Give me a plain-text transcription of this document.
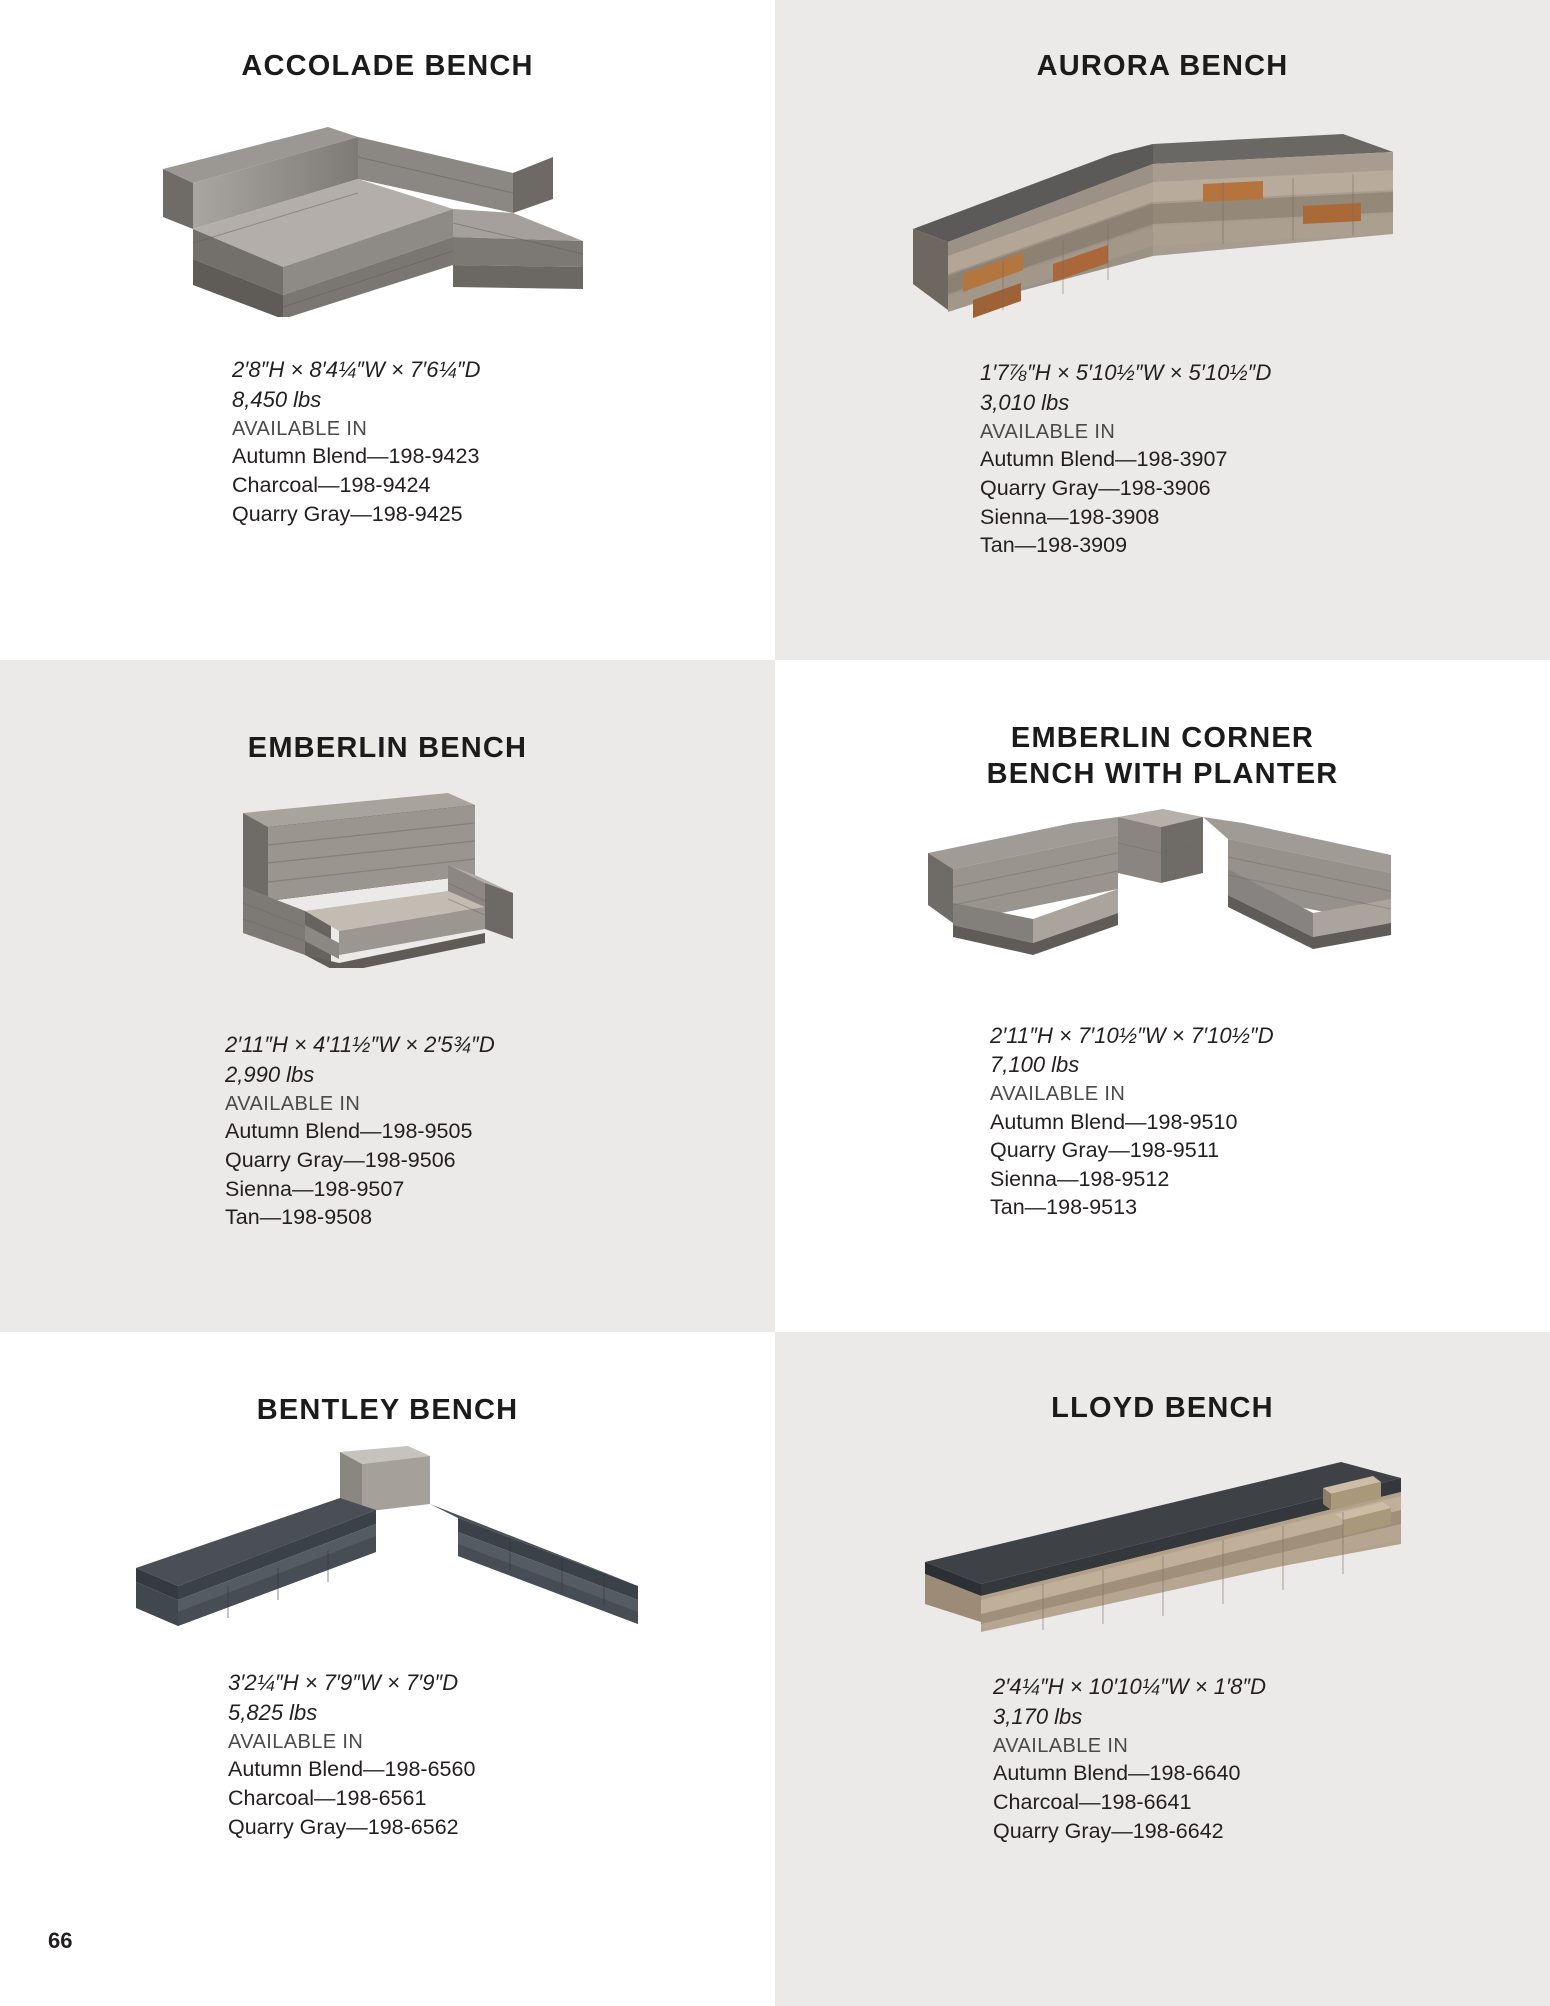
ACCOLADE BENCH
2′8″H × 8′4¼″W × 7′6¼″D
8,450 lbs
AVAILABLE IN
Autumn Blend—198-9423
Charcoal—198-9424
Quarry Gray—198-9425
AURORA BENCH
1′7⅞″H × 5′10½″W × 5′10½″D
3,010 lbs
AVAILABLE IN
Autumn Blend—198-3907
Quarry Gray—198-3906
Sienna—198-3908
Tan—198-3909
EMBERLIN BENCH
2′11″H × 4′11½″W × 2′5¾″D
2,990 lbs
AVAILABLE IN
Autumn Blend—198-9505
Quarry Gray—198-9506
Sienna—198-9507
Tan—198-9508
EMBERLIN CORNER
BENCH WITH PLANTER
2′11″H × 7′10½″W × 7′10½″D
7,100 lbs
AVAILABLE IN
Autumn Blend—198-9510
Quarry Gray—198-9511
Sienna—198-9512
Tan—198-9513
BENTLEY BENCH
3′2¼″H × 7′9″W × 7′9″D
5,825 lbs
AVAILABLE IN
Autumn Blend—198-6560
Charcoal—198-6561
Quarry Gray—198-6562
66
LLOYD BENCH
2′4¼″H × 10′10¼″W × 1′8″D
3,170 lbs
AVAILABLE IN
Autumn Blend—198-6640
Charcoal—198-6641
Quarry Gray—198-6642
